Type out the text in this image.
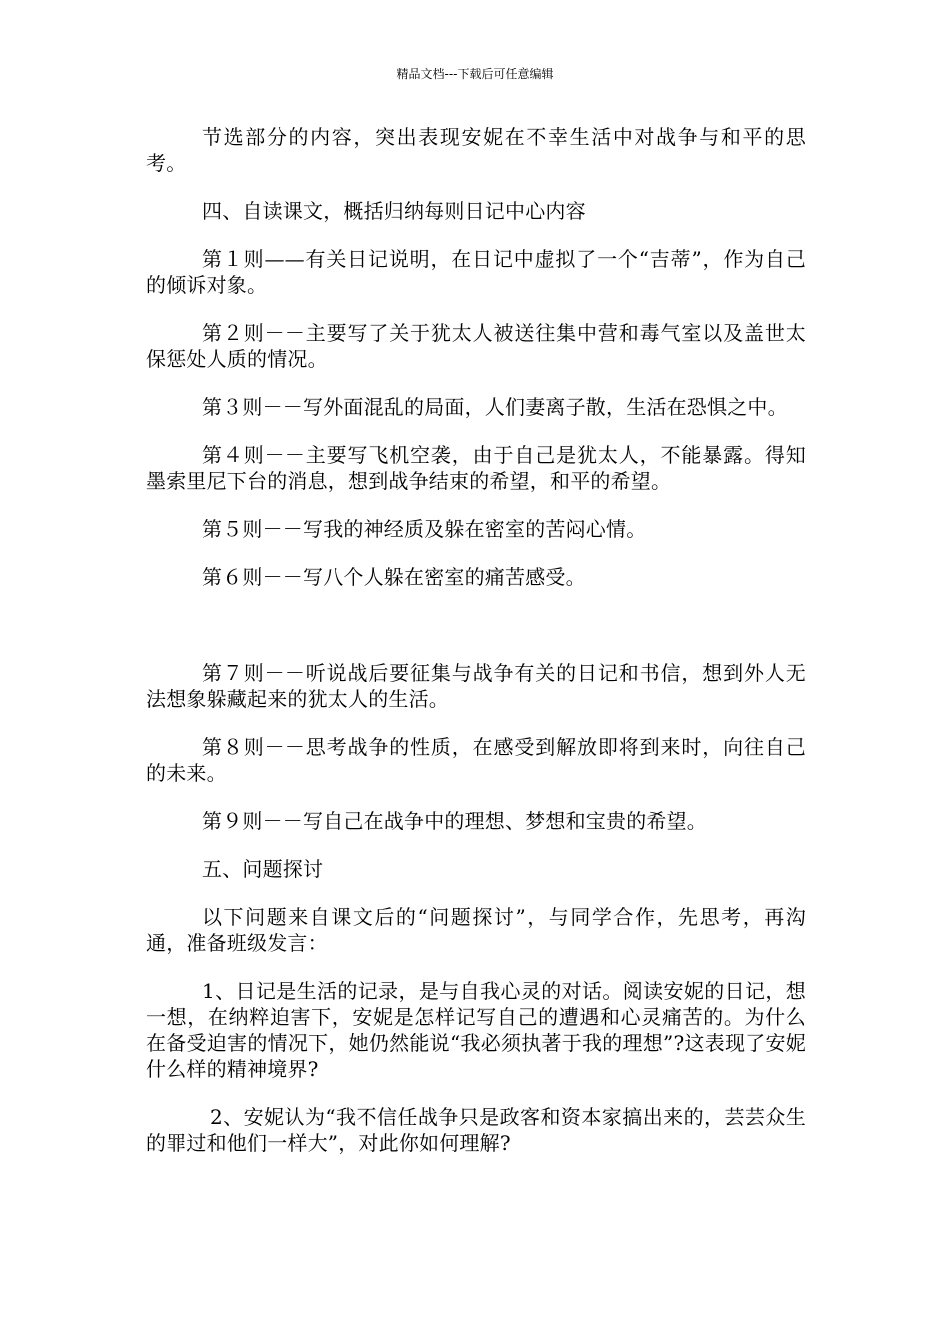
精品文档---下载后可任意编辑

节选部分的内容，突出表现安妮在不幸生活中对战争与和平的思考。

四、自读课文，概括归纳每则日记中心内容

第１则——有关日记说明，在日记中虚拟了一个“吉蒂”，作为自己的倾诉对象。

第２则－－主要写了关于犹太人被送往集中营和毒气室以及盖世太保惩处人质的情况。

第３则－－写外面混乱的局面，人们妻离子散，生活在恐惧之中。

第４则－－主要写飞机空袭，由于自己是犹太人，不能暴露。得知墨索里尼下台的消息，想到战争结束的希望，和平的希望。

第５则－－写我的神经质及躲在密室的苦闷心情。

第６则－－写八个人躲在密室的痛苦感受。

第７则－－听说战后要征集与战争有关的日记和书信，想到外人无法想象躲藏起来的犹太人的生活。

第８则－－思考战争的性质，在感受到解放即将到来时，向往自己的未来。

第９则－－写自己在战争中的理想、梦想和宝贵的希望。

五、问题探讨

以下问题来自课文后的“问题探讨”，与同学合作，先思考，再沟通，准备班级发言：

1、日记是生活的记录，是与自我心灵的对话。阅读安妮的日记，想一想，在纳粹迫害下，安妮是怎样记写自己的遭遇和心灵痛苦的。为什么在备受迫害的情况下，她仍然能说“我必须执著于我的理想”?这表现了安妮什么样的精神境界?

2、安妮认为“我不信任战争只是政客和资本家搞出来的，芸芸众生的罪过和他们一样大”，对此你如何理解?
